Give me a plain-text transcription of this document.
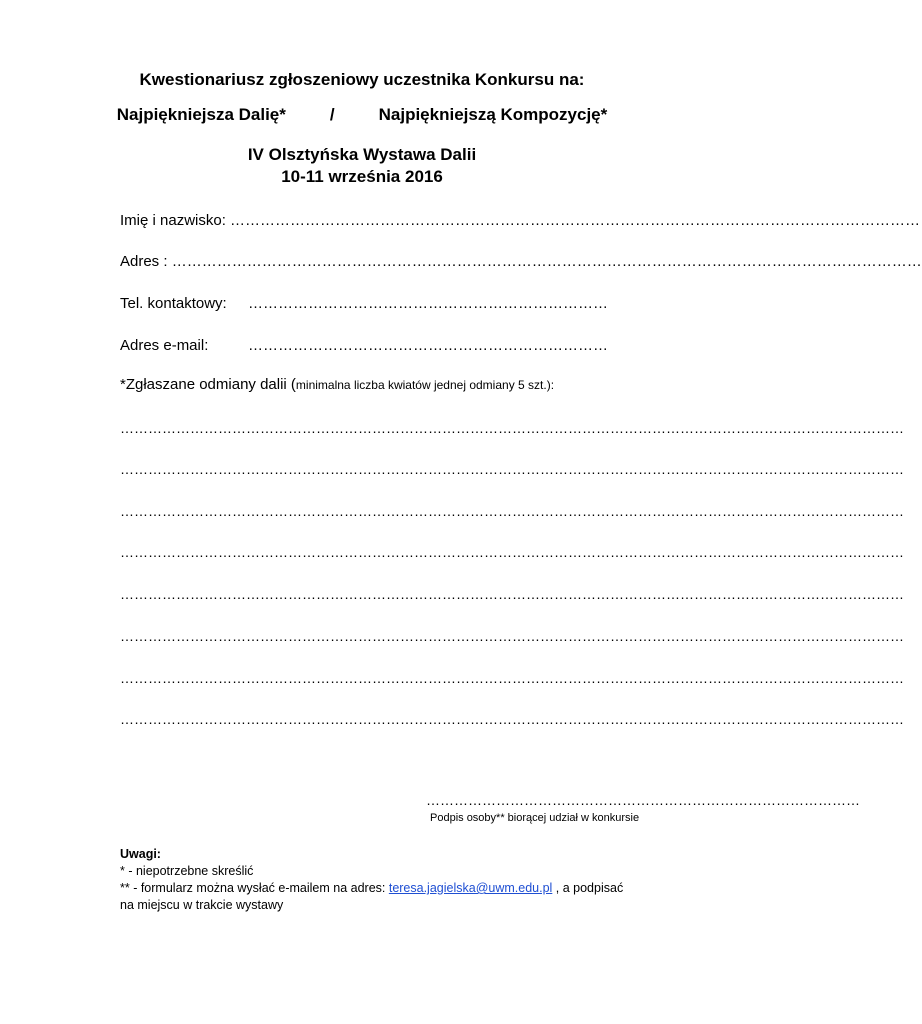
Kwestionariusz zgłoszeniowy uczestnika Konkursu na:
Najpiękniejsza Dalię*	/	Najpiękniejszą Kompozycję*
IV Olsztyńska Wystawa Dalii
10-11 września 2016
Imię i nazwisko: …………………………………………………………………………………………………………………………
Adres : ……………………………………………………………………………………………………………………………………
Tel. kontaktowy: ………………………………………………………………
Adres e-mail:	………………………………………………………………
*Zgłaszane odmiany dalii (minimalna liczba kwiatów jednej odmiany 5 szt.):
……………………………………………………………………………………………………………………………………………………
……………………………………………………………………………………………………………………………………………………
……………………………………………………………………………………………………………………………………………………
……………………………………………………………………………………………………………………………………………………
……………………………………………………………………………………………………………………………………………………
……………………………………………………………………………………………………………………………………………………
……………………………………………………………………………………………………………………………………………………
……………………………………………………………………………………………………………………………………………………
…………………………………………………………………………………
Podpis osoby** biorącej udział w konkursie
Uwagi:
* - niepotrzebne skreślić
** - formularz można wysłać e-mailem na adres: teresa.jagielska@uwm.edu.pl , a podpisać
na miejscu w trakcie wystawy
